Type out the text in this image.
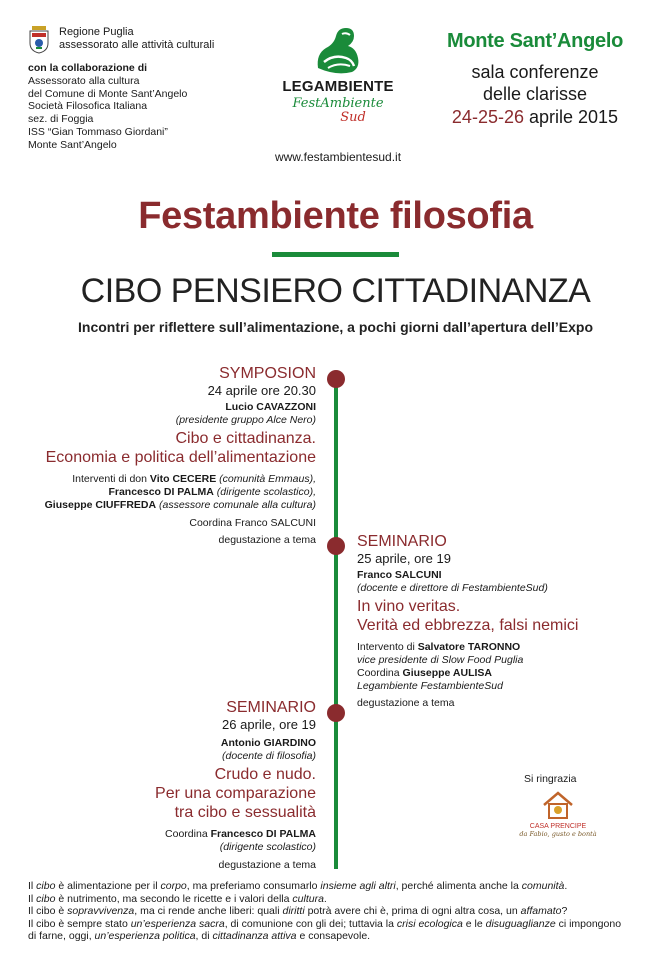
Regione Puglia
assessorato alle attività culturali
con la collaborazione di
Assessorato alla cultura
del Comune di Monte Sant’Angelo
Società Filosofica Italiana
sez. di Foggia
ISS “Gian Tommaso Giordani”
Monte Sant’Angelo
LEGAMBIENTE
FestAmbiente
Sud
www.festambientesud.it
Monte Sant’Angelo
sala conferenze
delle clarisse
24-25-26 aprile 2015
Festambiente filosofia
CIBO PENSIERO CITTADINANZA
Incontri per riflettere sull’alimentazione, a pochi giorni dall’apertura dell’Expo
SYMPOSION
24 aprile ore 20.30
Lucio CAVAZZONI
(presidente gruppo Alce Nero)
Cibo e cittadinanza.
Economia e politica dell’alimentazione
Interventi di don Vito CECERE (comunità Emmaus),
Francesco DI PALMA (dirigente scolastico),
Giuseppe CIUFFREDA (assessore comunale alla cultura)
Coordina Franco SALCUNI
degustazione a tema	SEMINARIO
25 aprile, ore 19
Franco SALCUNI
(docente e direttore di FestambienteSud)
In vino veritas.
Verità ed ebbrezza, falsi nemici
Intervento di Salvatore TARONNO
vice presidente di Slow Food Puglia
Coordina Giuseppe AULISA
Legambiente FestambienteSud
degustazione a tema
SEMINARIO
26 aprile, ore 19
Antonio GIARDINO
(docente di filosofia)
Crudo e nudo.
Per una comparazione
tra cibo e sessualità
Coordina Francesco DI PALMA
(dirigente scolastico)
degustazione a tema
Si ringrazia
CASA PRENCIPE
da Fabio, gusto e bontà
Il cibo è alimentazione per il corpo, ma preferiamo consumarlo insieme agli altri, perché alimenta anche la comunità.
Il cibo è nutrimento, ma secondo le ricette e i valori della cultura.
Il cibo è sopravvivenza, ma ci rende anche liberi: quali diritti potrà avere chi è, prima di ogni altra cosa, un affamato?
Il cibo è sempre stato un’esperienza sacra, di comunione con gli dei; tuttavia la crisi ecologica e le disuguaglianze ci impongono
di farne, oggi, un’esperienza politica, di cittadinanza attiva e consapevole.
